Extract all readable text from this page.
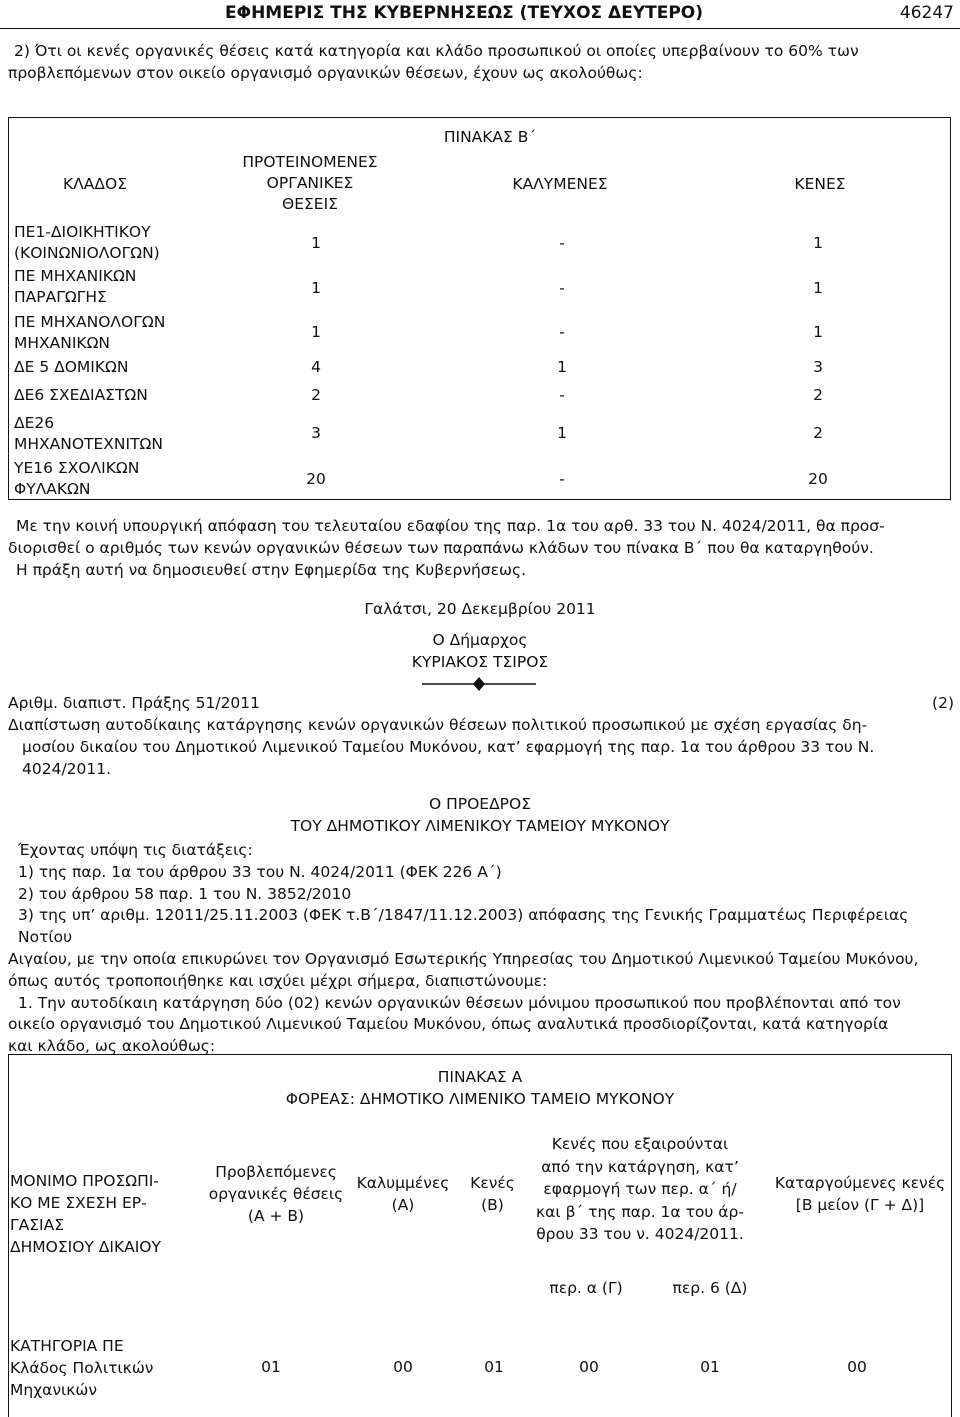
ΕΦΗΜΕΡΙΣ ΤΗΣ ΚΥΒΕΡΝΗΣΕΩΣ (ΤΕΥΧΟΣ ΔΕΥΤΕΡΟ)	46247
2) Ότι οι κενές οργανικές θέσεις κατά κατηγορία και κλάδο προσωπικού οι οποίες υπερβαίνουν το 60% των
προβλεπόμενων στον οικείο οργανισμό οργανικών θέσεων, έχουν ως ακολούθως:
ΠΙΝΑΚΑΣ Β΄
ΚΛΑΔΟΣ
ΠΡΟΤΕΙΝΟΜΕΝΕΣ
ΟΡΓΑΝΙΚΕΣ
ΘΕΣΕΙΣ
ΚΑΛΥΜΕΝΕΣ	ΚΕΝΕΣ
ΠΕ1-ΔΙΟΙΚΗΤΙΚΟΥ
(ΚΟΙΝΩΝΙΟΛΟΓΩΝ)
1	-	1
ΠΕ ΜΗΧΑΝΙΚΩΝ
ΠΑΡΑΓΩΓΗΣ	1	-	1
ΠΕ ΜΗΧΑΝΟΛΟΓΩΝ
ΜΗΧΑΝΙΚΩΝ
1	-	1
ΔΕ 5 ΔΟΜΙΚΩΝ	4	1	3
ΔΕ6 ΣΧΕΔΙΑΣΤΩΝ	2	-	2
ΔΕ26
ΜΗΧΑΝΟΤΕΧΝΙΤΩΝ
3	1	2
ΥΕ16 ΣΧΟΛΙΚΩΝ
ΦΥΛΑΚΩΝ
20	-	20
Με την κοινή υπουργική απόφαση του τελευταίου εδαφίου της παρ. 1α του αρθ. 33 του Ν. 4024/2011, θα προσ-
διορισθεί ο αριθμός των κενών οργανικών θέσεων των παραπάνω κλάδων του πίνακα Β΄ που θα καταργηθούν.
Η πράξη αυτή να δημοσιευθεί στην Εφημερίδα της Κυβερνήσεως.
Γαλάτσι, 20 Δεκεμβρίου 2011
Ο Δήμαρχος
ΚΥΡΙΑΚΟΣ ΤΣΙΡΟΣ
Αριθμ. διαπιστ. Πράξης 51/2011	(2)
Διαπίστωση αυτοδίκαιης κατάργησης κενών οργανικών θέσεων πολιτικού προσωπικού με σχέση εργασίας δη-
μοσίου δικαίου του Δημοτικού Λιμενικού Ταμείου Μυκόνου, κατ’ εφαρμογή της παρ. 1α του άρθρου 33 του Ν.
4024/2011.
Ο ΠΡΟΕΔΡΟΣ
ΤΟΥ ΔΗΜΟΤΙΚΟΥ ΛΙΜΕΝΙΚΟΥ ΤΑΜΕΙΟΥ ΜΥΚΟΝΟΥ
Έχοντας υπόψη τις διατάξεις:
1) της παρ. 1α του άρθρου 33 του Ν. 4024/2011 (ΦΕΚ 226 Α΄)
2) του άρθρου 58 παρ. 1 του Ν. 3852/2010
3) της υπ’ αριθμ. 12011/25.11.2003 (ΦΕΚ τ.Β΄/1847/11.12.2003) απόφασης της Γενικής Γραμματέως Περιφέρειας Νοτίου
Αιγαίου, με την οποία επικυρώνει τον Οργανισμό Εσωτερικής Υπηρεσίας του Δημοτικού Λιμενικού Ταμείου Μυκόνου,
όπως αυτός τροποποιήθηκε και ισχύει μέχρι σήμερα, διαπιστώνουμε:
1. Την αυτοδίκαιη κατάργηση δύο (02) κενών οργανικών θέσεων μόνιμου προσωπικού που προβλέπονται από τον
οικείο οργανισμό του Δημοτικού Λιμενικού Ταμείου Μυκόνου, όπως αναλυτικά προσδιορίζονται, κατά κατηγορία
και κλάδο, ως ακολούθως:
ΠΙΝΑΚΑΣ Α
ΦΟΡΕΑΣ: ΔΗΜΟΤΙΚΟ ΛΙΜΕΝΙΚΟ ΤΑΜΕΙΟ ΜΥΚΟΝΟΥ
ΜΟΝΙΜΟ ΠΡΟΣΩΠΙ-
ΚΟ ΜΕ ΣΧΕΣΗ ΕΡ-
ΓΑΣΙΑΣ
ΔΗΜΟΣΙΟΥ ΔΙΚΑΙΟΥ
Προβλεπόμενες
οργανικές θέσεις
(Α + Β)
Καλυμμένες
(Α)
Κενές
(Β)
Κενές που εξαιρούνται
από την κατάργηση, κατ’
εφαρμογή των περ. α΄ ή/
και β΄ της παρ. 1α του άρ-
θρου 33 του ν. 4024/2011.
περ. α (Γ)	περ. 6 (Δ)
Καταργούμενες κενές
[Β μείον (Γ + Δ)]
ΚΑΤΗΓΟΡΙΑ ΠΕ
Κλάδος Πολιτικών
Μηχανικών
01	00	01	00	01	00
